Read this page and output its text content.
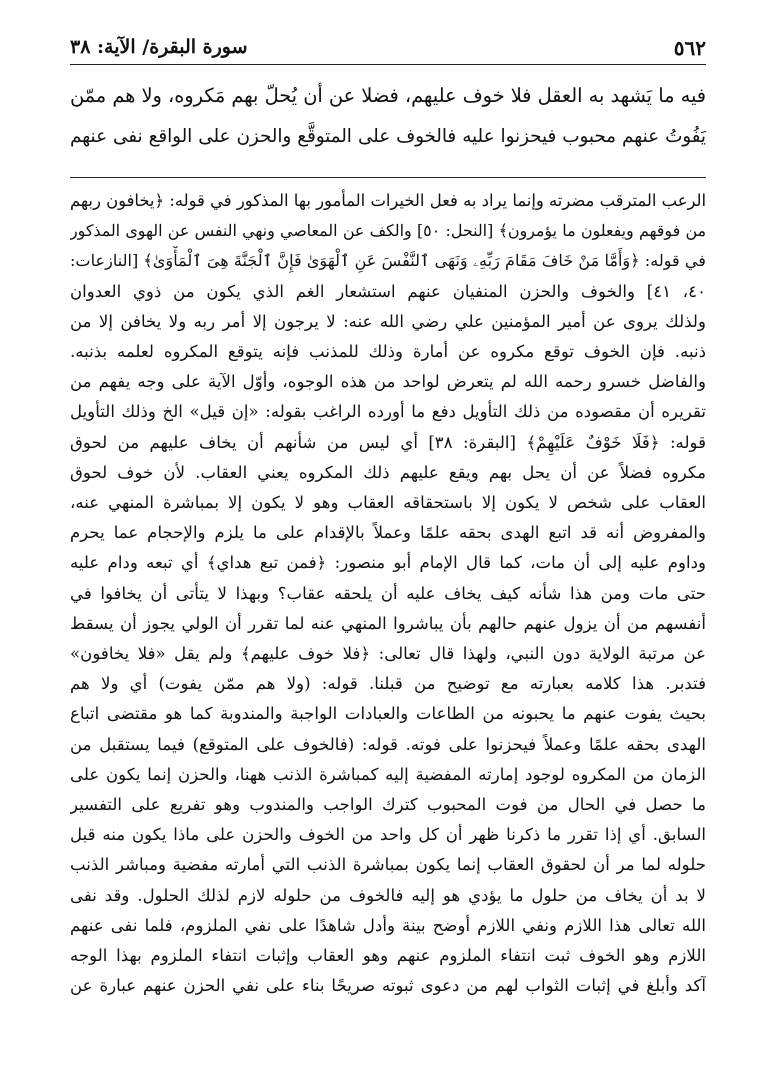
٥٦٢
سورة البقرة/ الآية: ٣٨

فيه ما يَشهد به العقل فلا خوف عليهم، فضلا عن أن يُحلّ بهم مَكروه، ولا هم ممّن

يَفُوتُ عنهم محبوب فيحزنوا عليه فالخوف على المتوقَّع والحزن على الواقع نفى عنهم

الرعب المترقب مضرته وإنما يراد به فعل الخيرات المأمور بها المذكور في قوله: ﴿يخافون ربهم

من فوقهم ويفعلون ما يؤمرون﴾ [النحل: ٥٠] والكف عن المعاصي ونهي النفس عن الهوى المذكور

في قوله: ﴿وَأَمَّا مَنْ خَافَ مَقَامَ رَبِّهِۦ وَنَهَى ٱلنَّفْسَ عَنِ ٱلْهَوَىٰ فَإِنَّ ٱلْجَنَّةَ هِىَ ٱلْمَأْوَىٰ﴾ [النازعات:

٤٠، ٤١] والخوف والحزن المنفيان عنهم استشعار الغم الذي يكون من ذوي العدوان

ولذلك يروى عن أمير المؤمنين علي رضي الله عنه: لا يرجون إلا أمر ربه ولا يخافن إلا من

ذنبه. فإن الخوف توقع مكروه عن أمارة وذلك للمذنب فإنه يتوقع المكروه لعلمه بذنبه.

والفاضل خسرو رحمه الله لم يتعرض لواحد من هذه الوجوه، وأوّل الآية على وجه يفهم من

تقريره أن مقصوده من ذلك التأويل دفع ما أورده الراغب بقوله: «إن قيل» الخ وذلك التأويل

قوله: ﴿فَلَا خَوْفٌ عَلَيْهِمْ﴾ [البقرة: ٣٨] أي ليس من شأنهم أن يخاف عليهم من لحوق

مكروه فضلاً عن أن يحل بهم ويقع عليهم ذلك المكروه يعني العقاب. لأن خوف لحوق

العقاب على شخص لا يكون إلا باستحقاقه العقاب وهو لا يكون إلا بمباشرة المنهي عنه،

والمفروض أنه قد اتبع الهدى بحقه علمًا وعملاً بالإقدام على ما يلزم والإحجام عما يحرم

وداوم عليه إلى أن مات، كما قال الإمام أبو منصور: ﴿فمن تبع هداي﴾ أي تبعه ودام عليه

حتى مات ومن هذا شأنه كيف يخاف عليه أن يلحقه عقاب؟ وبهذا لا يتأتى أن يخافوا في

أنفسهم من أن يزول عنهم حالهم بأن يباشروا المنهي عنه لما تقرر أن الولي يجوز أن يسقط

عن مرتبة الولاية دون النبي، ولهذا قال تعالى: ﴿فلا خوف عليهم﴾ ولم يقل «فلا يخافون»

فتدبر. هذا كلامه بعبارته مع توضيح من قبلنا. قوله: (ولا هم ممّن يفوت) أي ولا هم

بحيث يفوت عنهم ما يحبونه من الطاعات والعبادات الواجبة والمندوبة كما هو مقتضى اتباع

الهدى بحقه علمًا وعملاً فيحزنوا على فوته. قوله: (فالخوف على المتوقع) فيما يستقبل من

الزمان من المكروه لوجود إمارته المفضية إليه كمباشرة الذنب ههنا، والحزن إنما يكون على

ما حصل في الحال من فوت المحبوب كترك الواجب والمندوب وهو تفريع على التفسير

السابق. أي إذا تقرر ما ذكرنا ظهر أن كل واحد من الخوف والحزن على ماذا يكون منه قبل

حلوله لما مر أن لحقوق العقاب إنما يكون بمباشرة الذنب التي أمارته مفضية ومباشر الذنب

لا بد أن يخاف من حلول ما يؤدي هو إليه فالخوف من حلوله لازم لذلك الحلول. وقد نفى

الله تعالى هذا اللازم ونفي اللازم أوضح بينة وأدل شاهدًا على نفي الملزوم، فلما نفى عنهم

اللازم وهو الخوف ثبت انتفاء الملزوم عنهم وهو العقاب وإثبات انتفاء الملزوم بهذا الوجه

آكد وأبلغ في إثبات الثواب لهم من دعوى ثبوته صريحًا بناء على نفي الحزن عنهم عبارة عن
